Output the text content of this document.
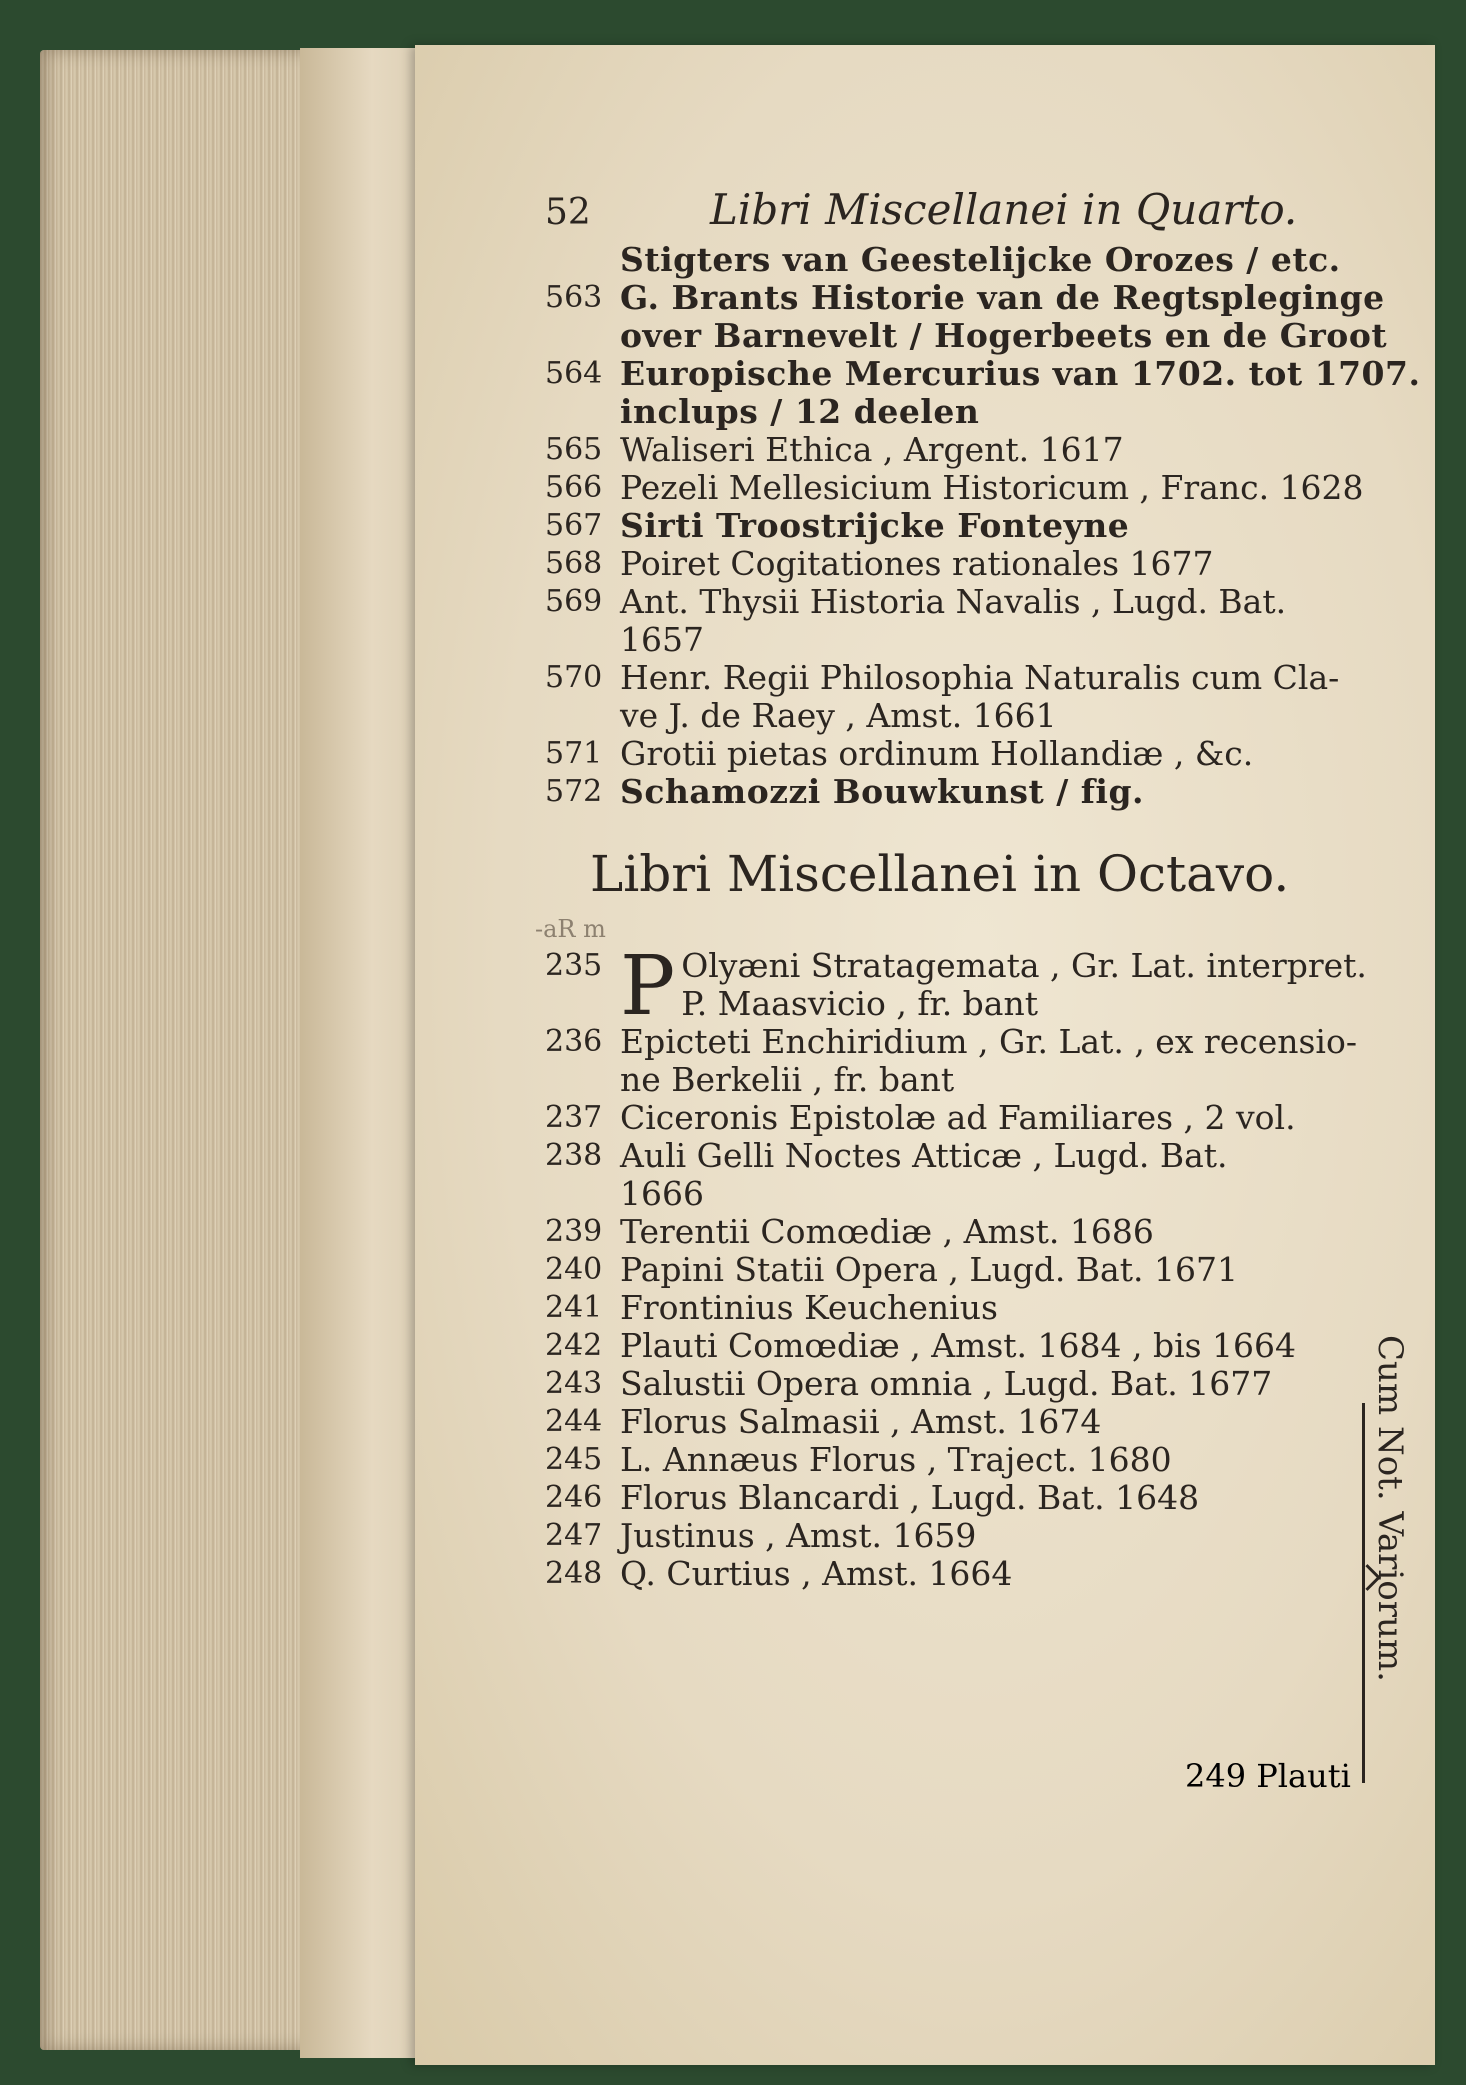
52	Libri Miscellanei in Quarto.
Stigters van Geestelijcke Orozes / etc.
563 G. Brants Historie van de Regtsplegingе
over Barnevelt / Hogerbeets en de Groot
564 Europische Mercurius van 1702. tot 1707.
inclups / 12 deelen
565 Waliseri Ethica , Argent. 1617
566 Pezeli Mellesicium Historicum , Franc. 1628
567 Sirti Troostrijcke Fonteyne
568 Poiret Cogitationes rationales 1677
569 Ant. Thysii Historia Navalis , Lugd. Bat.
1657
570 Henr. Regii Philosophia Naturalis cum Cla-
ve J. de Raey , Amst. 1661
571 Grotii pietas ordinum Hollandiæ , &c.
572 Schamozzi Bouwkunst / fig.
Libri Miscellanei in Octavo.
-aR m
235 P Olyæni Stratagemata , Gr. Lat. interpret.
P. Maasvicio , fr. bant
236 Epicteti Enchiridium , Gr. Lat. , ex recensio-
ne Berkelii , fr. bant
237 Ciceronis Epistolæ ad Familiares , 2 vol.
238 Auli Gelli Noctes Atticæ , Lugd. Bat.
1666
239 Terentii Comœdiæ , Amst. 1686
240 Papini Statii Opera , Lugd. Bat. 1671
241 Frontinius Keuchenius
242 Plauti Comœdiæ , Amst. 1684 , bis 1664
243 Salustii Opera omnia , Lugd. Bat. 1677
244 Florus Salmasii , Amst. 1674
245 L. Annæus Florus , Traject. 1680
246 Florus Blancardi , Lugd. Bat. 1648
247 Justinus , Amst. 1659
248 Q. Curtius , Amst. 1664	Cum Not. Variorum.
249 Plauti
